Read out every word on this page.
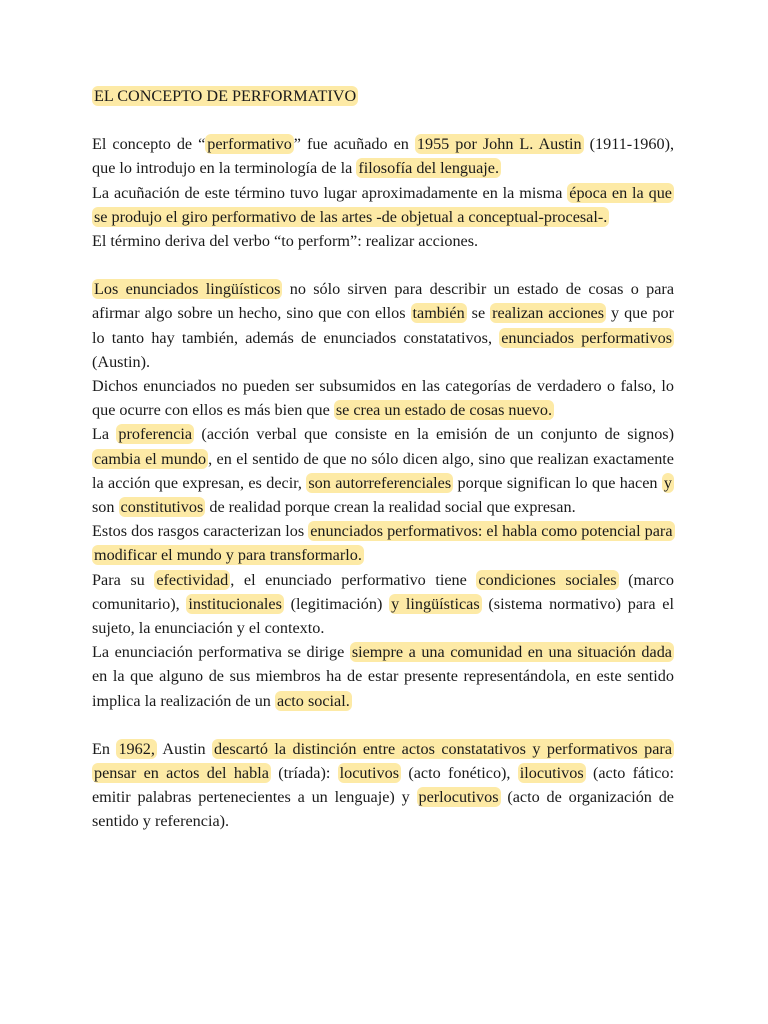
EL CONCEPTO DE PERFORMATIVO

El concepto de “ performativo ” fue acuñado en 1955 por John L. Austin (1911-1960), que lo introdujo en la terminología de la filosofía del lenguaje.

La acuñación de este término tuvo lugar aproximadamente en la misma época en la que se produjo el giro performativo de las artes -de objetual a conceptual-procesal-.

El término deriva del verbo “to perform”: realizar acciones.

Los enunciados lingüísticos no sólo sirven para describir un estado de cosas o para afirmar algo sobre un hecho, sino que con ellos también se realizan acciones y que por lo tanto hay también, además de enunciados constatativos, enunciados performativos (Austin).

Dichos enunciados no pueden ser subsumidos en las categorías de verdadero o falso, lo que ocurre con ellos es más bien que se crea un estado de cosas nuevo.

La proferencia (acción verbal que consiste en la emisión de un conjunto de signos) cambia el mundo , en el sentido de que no sólo dicen algo, sino que realizan exactamente la acción que expresan, es decir, son autorreferenciales porque significan lo que hacen y son constitutivos de realidad porque crean la realidad social que expresan.

Estos dos rasgos caracterizan los enunciados performativos: el habla como potencial para modificar el mundo y para transformarlo.

Para su efectividad , el enunciado performativo tiene condiciones sociales (marco comunitario), institucionales (legitimación) y lingüísticas (sistema normativo) para el sujeto, la enunciación y el contexto.

La enunciación performativa se dirige siempre a una comunidad en una situación dada en la que alguno de sus miembros ha de estar presente representándola, en este sentido implica la realización de un acto social.

En 1962, Austin descartó la distinción entre actos constatativos y performativos para pensar en actos del habla (tríada): locutivos (acto fonético), ilocutivos (acto fático: emitir palabras pertenecientes a un lenguaje) y perlocutivos (acto de organización de sentido y referencia).
